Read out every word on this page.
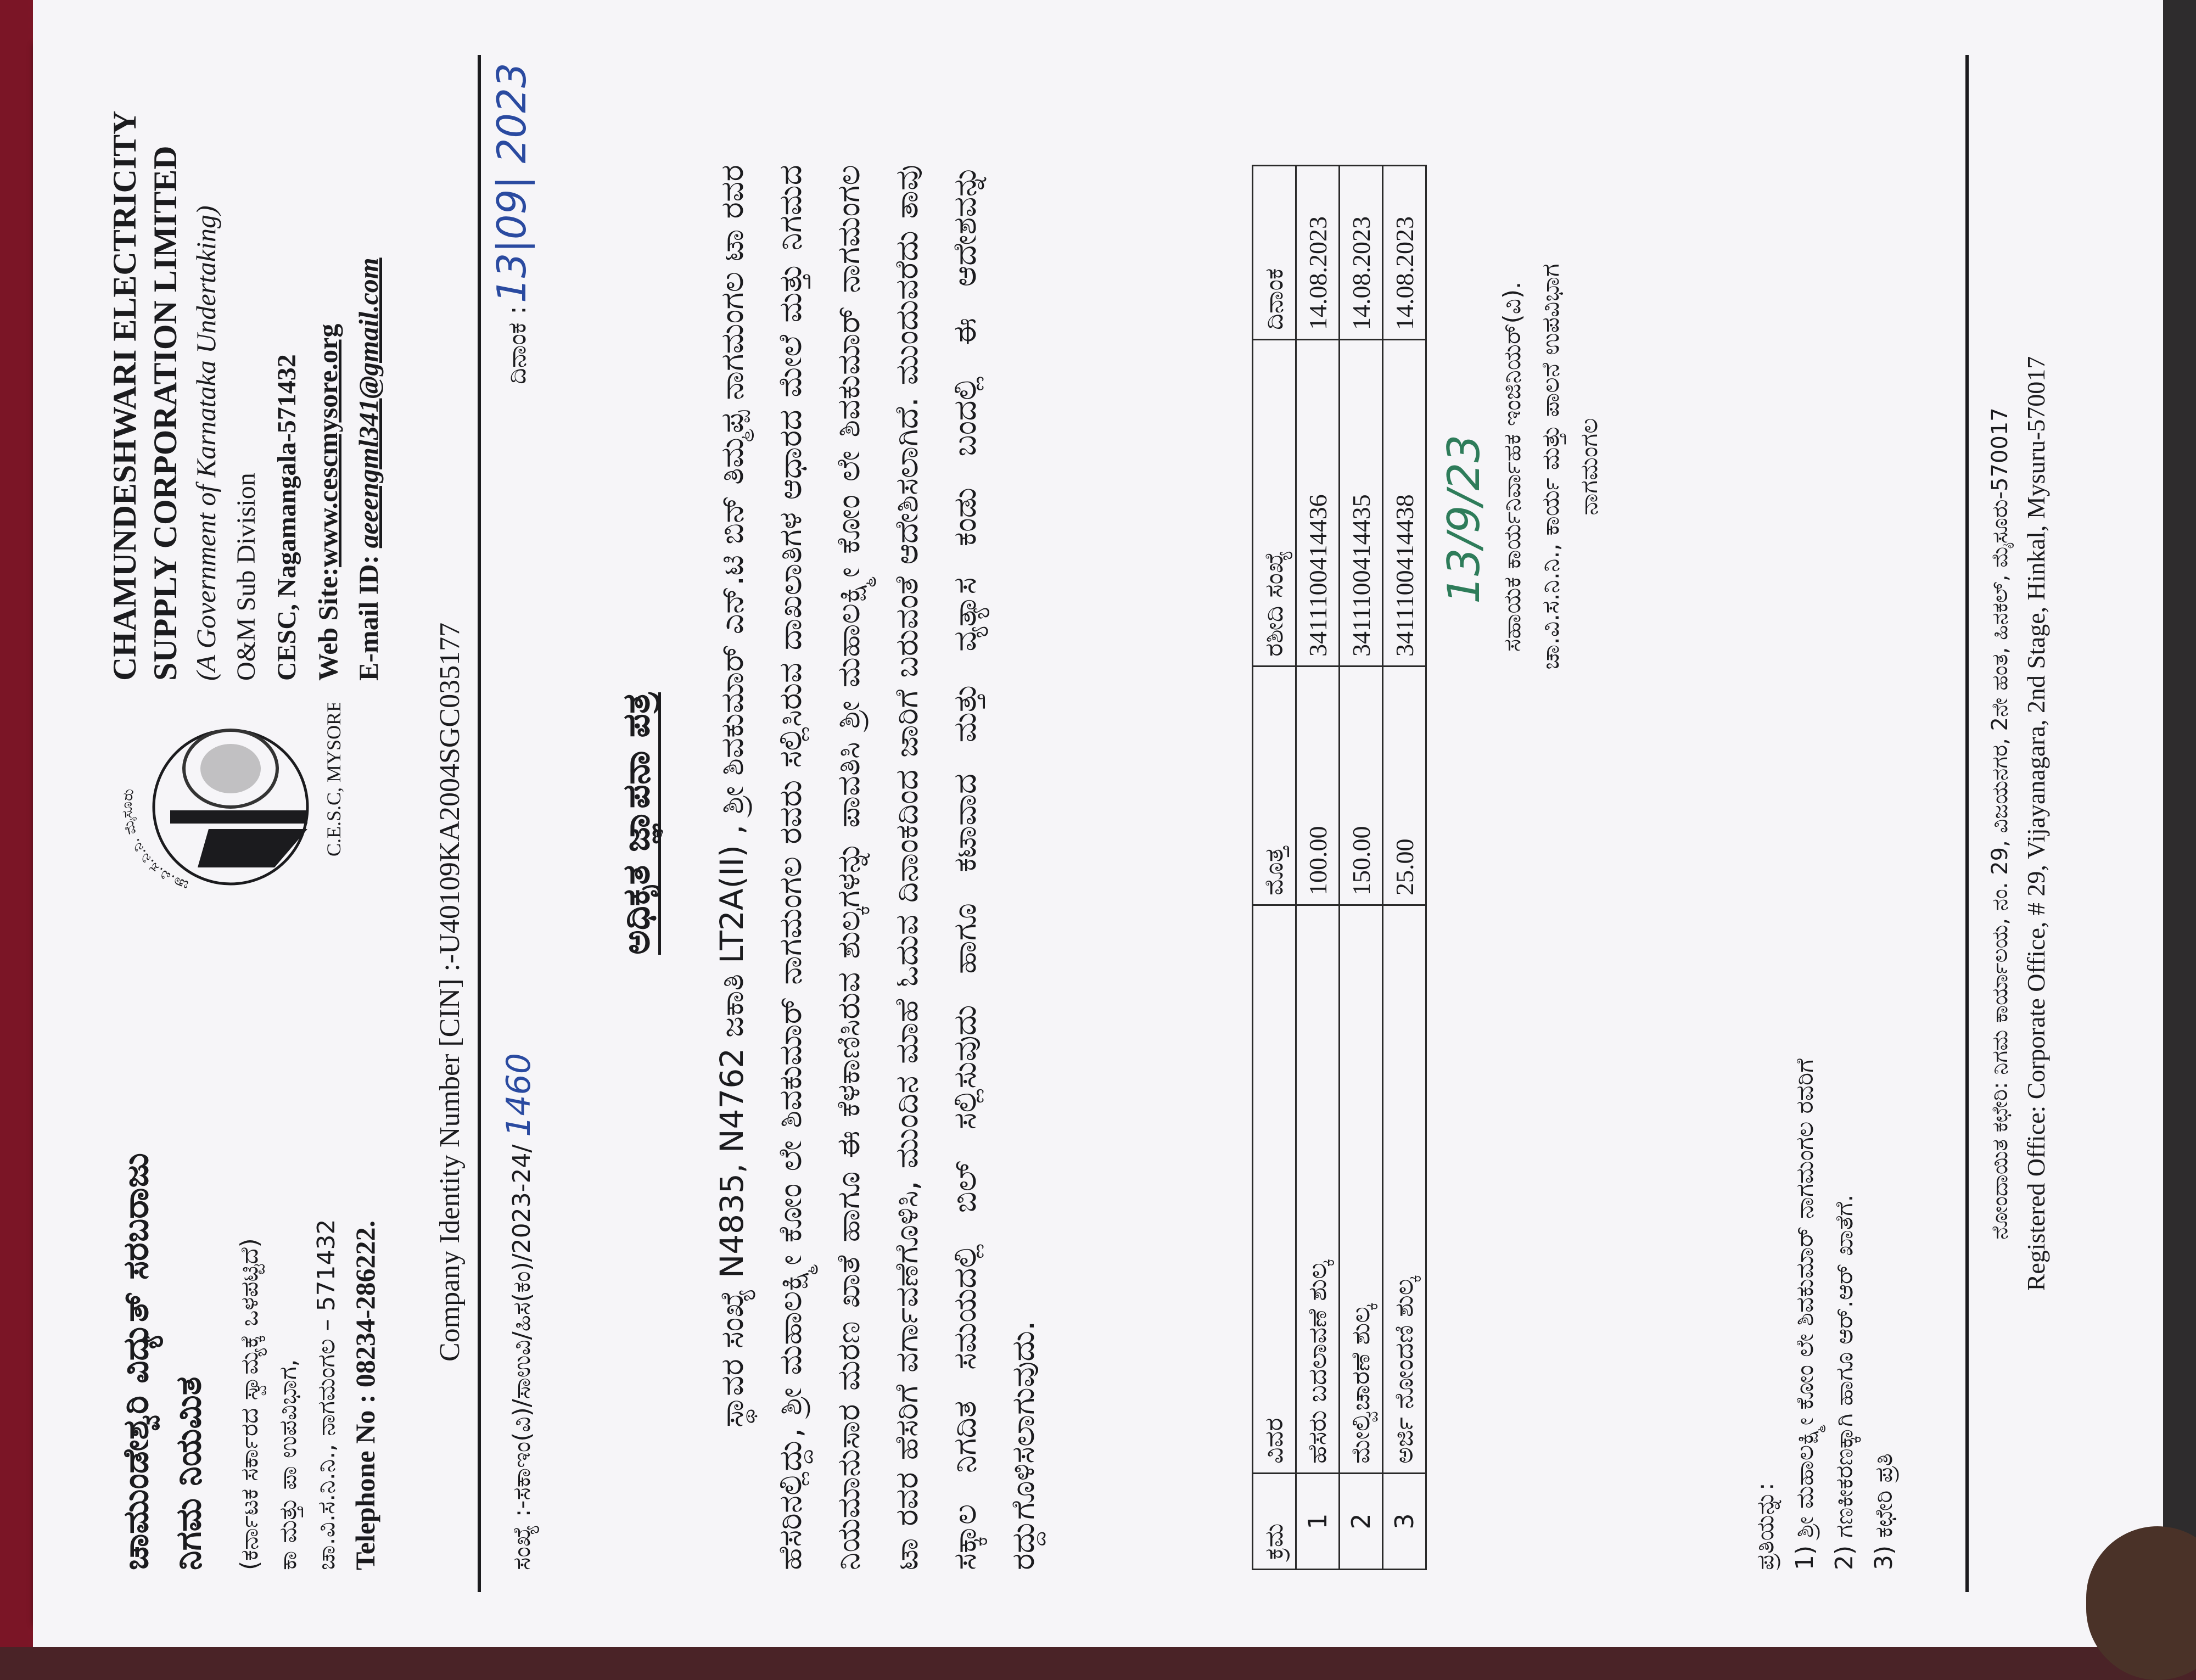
ಚಾಮುಂಡೇಶ್ವರಿ ವಿದ್ಯುತ್ ಸರಬರಾಜು ನಿಗಮ ನಿಯಮಿತ (ಕರ್ನಾಟಕ ಸರ್ಕಾರದ ಸ್ವಾಮ್ಯಕ್ಕೆ ಒಳಪಟ್ಟಿದೆ) ಕಾ ಮತ್ತು ಪಾ ಉಪವಿಭಾಗ, ಚಾ.ವಿ.ಸ.ನಿ.ನಿ., ನಾಗಮಂಗಲ – 571432 Telephone No : 08234-286222.
ಚಾ.ವಿ.ಸ.ನಿ.ನಿ. ಮೈಸೂರು	C.E.S.C, MYSORE
CHAMUNDESHWARI ELECTRICITY SUPPLY CORPORATION LIMITED (A Government of Karnataka Undertaking) O&M Sub Division CESC, Nagamangala-571432 Web Site:www.cescmysore.org
E-mail ID: aeeengml341@gmail.com
Company Identity Number [CIN] :-U40109KA2004SGC035177
ಸಂಖ್ಯೆ :-ಸಕಾಇಂ(ವಿ)/ಸಾಉವಿ/ಹಿಸ(ಕಂ)/2023-24/ 1460
ದಿನಾಂಕ : 13|09| 2023
ಅಧಿಕೃತ ಜ್ಞಾಪನಾ ಪತ್ರ	ಸ್ಥಾವರ ಸಂಖ್ಯೆ N4835, N4762 ಜಕಾತಿ LT2A(II) , ಶ್ರೀ ಶಿವಕುಮಾರ್ ಎನ್.ಟಿ ಬಿನ್ ತಿಮ್ಮಪ್ಪ ನಾಗಮಂಗಲ ಟಾ ರವರ ಹೆಸರಿನಲ್ಲಿದ್ದು, ಶ್ರೀ ಮಹಾಲಕ್ಷ್ಮೀ ಕೋಂ ಲೇ ಶಿವಕುಮಾರ್ ನಾಗಮಂಗಲ ರವರು ಸಲ್ಲಿಸಿರುವ ದಾಖಲಾತಿಗಳ ಆಧಾರದ ಮೇಲೆ ಮತ್ತು ನಿಗಮದ ನಿಯಮಾನುಸಾರ ಮರಣ ಖಾತೆ ಹಾಗೂ ಈ ಕೆಳಕಾಣಿಸಿರುವ ಶುಲ್ಕಗಳನ್ನು ಪಾವತಿಸಿ ಶ್ರೀ ಮಹಾಲಕ್ಷ್ಮೀ ಕೋಂ ಲೇ ಶಿವಕುಮಾರ್ ನಾಗಮಂಗಲ ಟಾ ರವರ ಹೆಸರಿಗೆ ವರ್ಗಾವಣೆಗೊಳಿಸಿ, ಮುಂದಿನ ಮಾಹೆ ಓದುವ ದಿನಾಂಕದಿಂದ ಜಾರಿಗೆ ಬರುವಂತೆ ಆದೇಶಿಸಲಾಗಿದೆ. ಮುಂದುವರೆದು ತಾವು ಸಕ್ಕಾಲ ನಿಗದಿತ ಸಮಯದಲ್ಲಿ ಬಿಲ್ ಸಲ್ಲಿಸುವುದು ಹಾಗೂ ಕಟಾವಾದ ಮತ್ತು ವ್ಯತ್ಯಾಸ ಕಂಡು ಬಂದಲ್ಲಿ ಈ ಆದೇಶವನ್ನು ರದ್ದುಗೊಳಿಸಲಾಗುವುದು.	ಕ್ರಮ	ವಿವರ	ಮೊತ್ತ	ರಶೀದಿ ಸಂಖ್ಯೆ	ದಿನಾಂಕ
1	ಹೆಸರು ಬದಲಾವಣೆ ಶುಲ್ಕ	100.00	3411100414436	14.08.2023
2	ಮೇಲ್ವಿಚಾರಣೆ ಶುಲ್ಕ	150.00	3411100414435	14.08.2023
3	ಅರ್ಜಿ ನೋಂದಣಿ ಶುಲ್ಕ	25.00	3411100414438	14.08.2023
13/9/23 ಸಹಾಯಕ ಕಾರ್ಯನಿರ್ವಾಹಕ ಇಂಜಿನಿಯರ್(ವಿ). ಚಾ.ವಿ.ಸ.ನಿ.ನಿ., ಕಾರ್ಯ ಮತ್ತು ಪಾಲನೆ ಉಪವಿಭಾಗ ನಾಗಮಂಗಲ
ಪ್ರತಿಯನ್ನು: 1) ಶ್ರೀ ಮಹಾಲಕ್ಷ್ಮೀ ಕೋಂ ಲೇ ಶಿವಕುಮಾರ್ ನಾಗಮಂಗಲ ರವರಿಗೆ 2) ಗಣಕೀಕರಣಕ್ಕಾಗಿ ಹಾಗೂ ಆರ್.ಆರ್ ಖಾತೆಗೆ. 3) ಕಛೇರಿ ಪ್ರತಿ
ನೋಂದಾಯಿತ ಕಛೇರಿ: ನಿಗಮ ಕಾರ್ಯಾಲಯ, ನಂ. 29, ವಿಜಯನಗರ, 2ನೇ ಹಂತ, ಹಿನಕಲ್, ಮೈಸೂರು-570017 Registered Office: Corporate Office, # 29, Vijayanagara, 2nd Stage, Hinkal, Mysuru-570017
